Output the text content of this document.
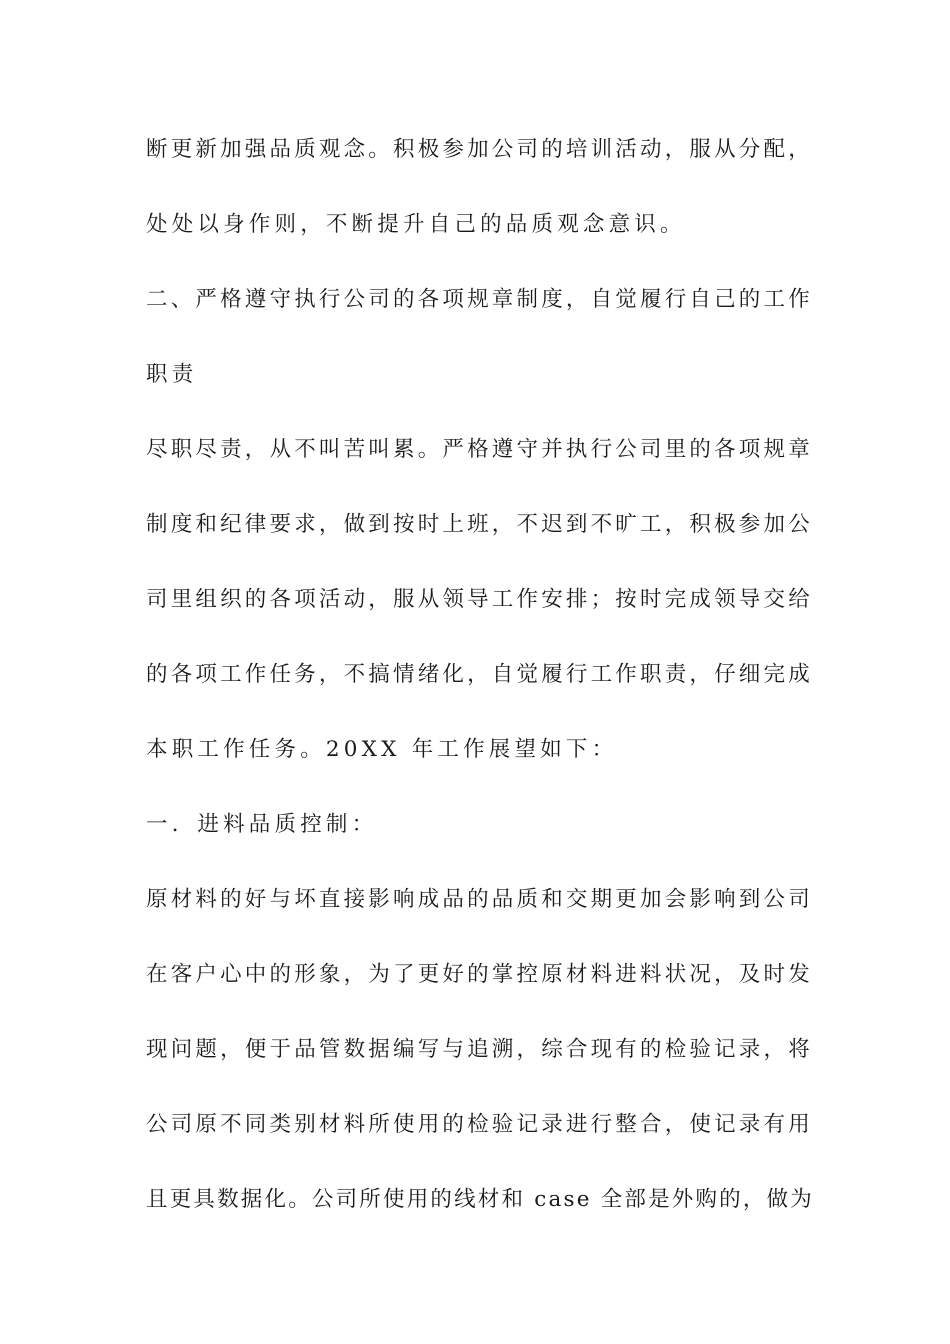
断更新加强品质观念。积极参加公司的培训活动，服从分配，
处处以身作则，不断提升自己的品质观念意识。
二、严格遵守执行公司的各项规章制度，自觉履行自己的工作
职责
尽职尽责，从不叫苦叫累。严格遵守并执行公司里的各项规章
制度和纪律要求，做到按时上班，不迟到不旷工，积极参加公
司里组织的各项活动，服从领导工作安排；按时完成领导交给
的各项工作任务，不搞情绪化，自觉履行工作职责，仔细完成
本职工作任务。20XX 年工作展望如下：
一．进料品质控制：
原材料的好与坏直接影响成品的品质和交期更加会影响到公司
在客户心中的形象，为了更好的掌控原材料进料状况，及时发
现问题，便于品管数据编写与追溯，综合现有的检验记录，将
公司原不同类别材料所使用的检验记录进行整合，使记录有用
且更具数据化。公司所使用的线材和 case 全部是外购的，做为
